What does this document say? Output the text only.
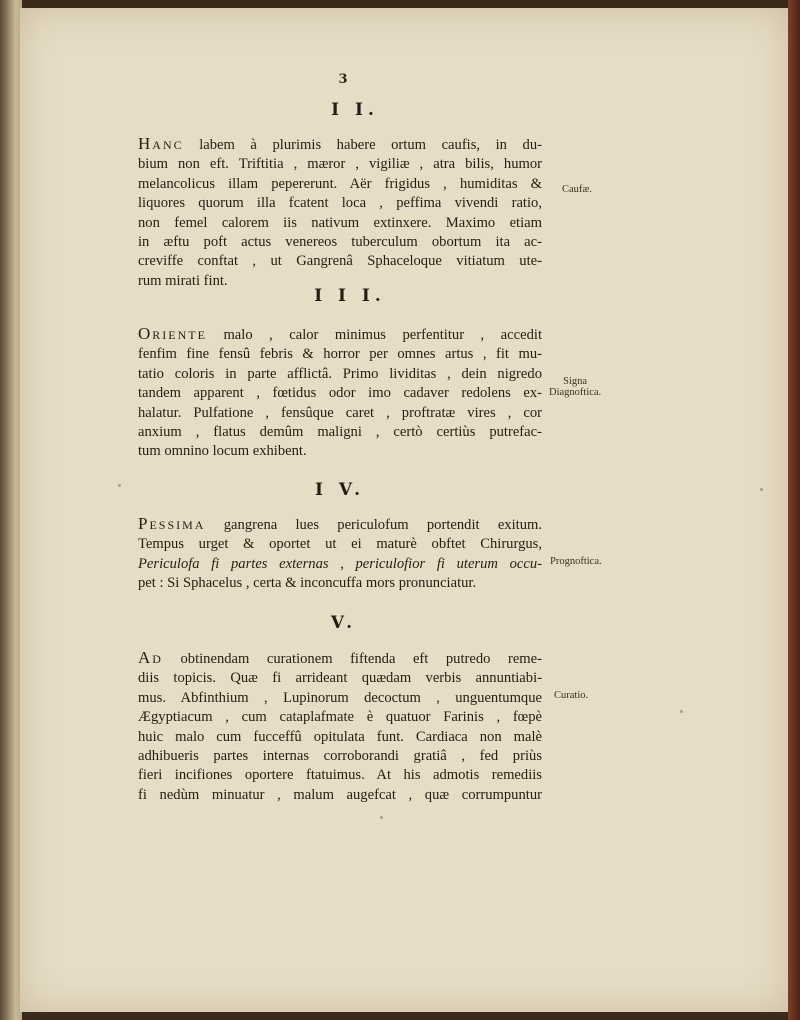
3
I I.
Hanc labem à plurimis habere ortum caufis, in du-
bium non eft. Triftitia , mæror , vigiliæ , atra bilis, humor
melancolicus illam pepererunt. Aër frigidus , humiditas &
liquores quorum illa fcatent loca , peffima vivendi ratio,
non femel calorem iis nativum extinxere. Maximo etiam
in æftu poft actus venereos tuberculum obortum ita ac-
creviffe conftat , ut Gangrenâ Sphaceloque vitiatum ute-
rum mirati fint.
Caufæ.
I I I.
Oriente malo , calor minimus perfentitur , accedit
fenfim fine fensû febris & horror per omnes artus , fit mu-
tatio coloris in parte afflictâ. Primo lividitas , dein nigredo
tandem apparent , fœtidus odor imo cadaver redolens ex-
halatur. Pulfatione , fensûque caret , proftratæ vires , cor
anxium , flatus demûm maligni , certò certiùs putrefac-
tum omnino locum exhibent.
Signa
Diagnoftica.
I V.
Pessima gangrena lues periculofum portendit exitum.
Tempus urget & oportet ut ei maturè obftet Chirurgus,
Periculofa fi partes externas , periculofior fi uterum occu-
pet : Si Sphacelus , certa & inconcuffa mors pronunciatur.
Prognoftica.
V.
Ad obtinendam curationem fiftenda eft putredo reme-
diis topicis. Quæ fi arrideant quædam verbis annuntiabi-
mus. Abfinthium , Lupinorum decoctum , unguentumque
Ægyptiacum , cum cataplafmate è quatuor Farinis , fœpè
huic malo cum fucceffû opitulata funt. Cardiaca non malè
adhibueris partes internas corroborandi gratiâ , fed priùs
fieri incifiones oportere ftatuimus. At his admotis remediis
fi nedùm minuatur , malum augefcat , quæ corrumpuntur
Curatio.
